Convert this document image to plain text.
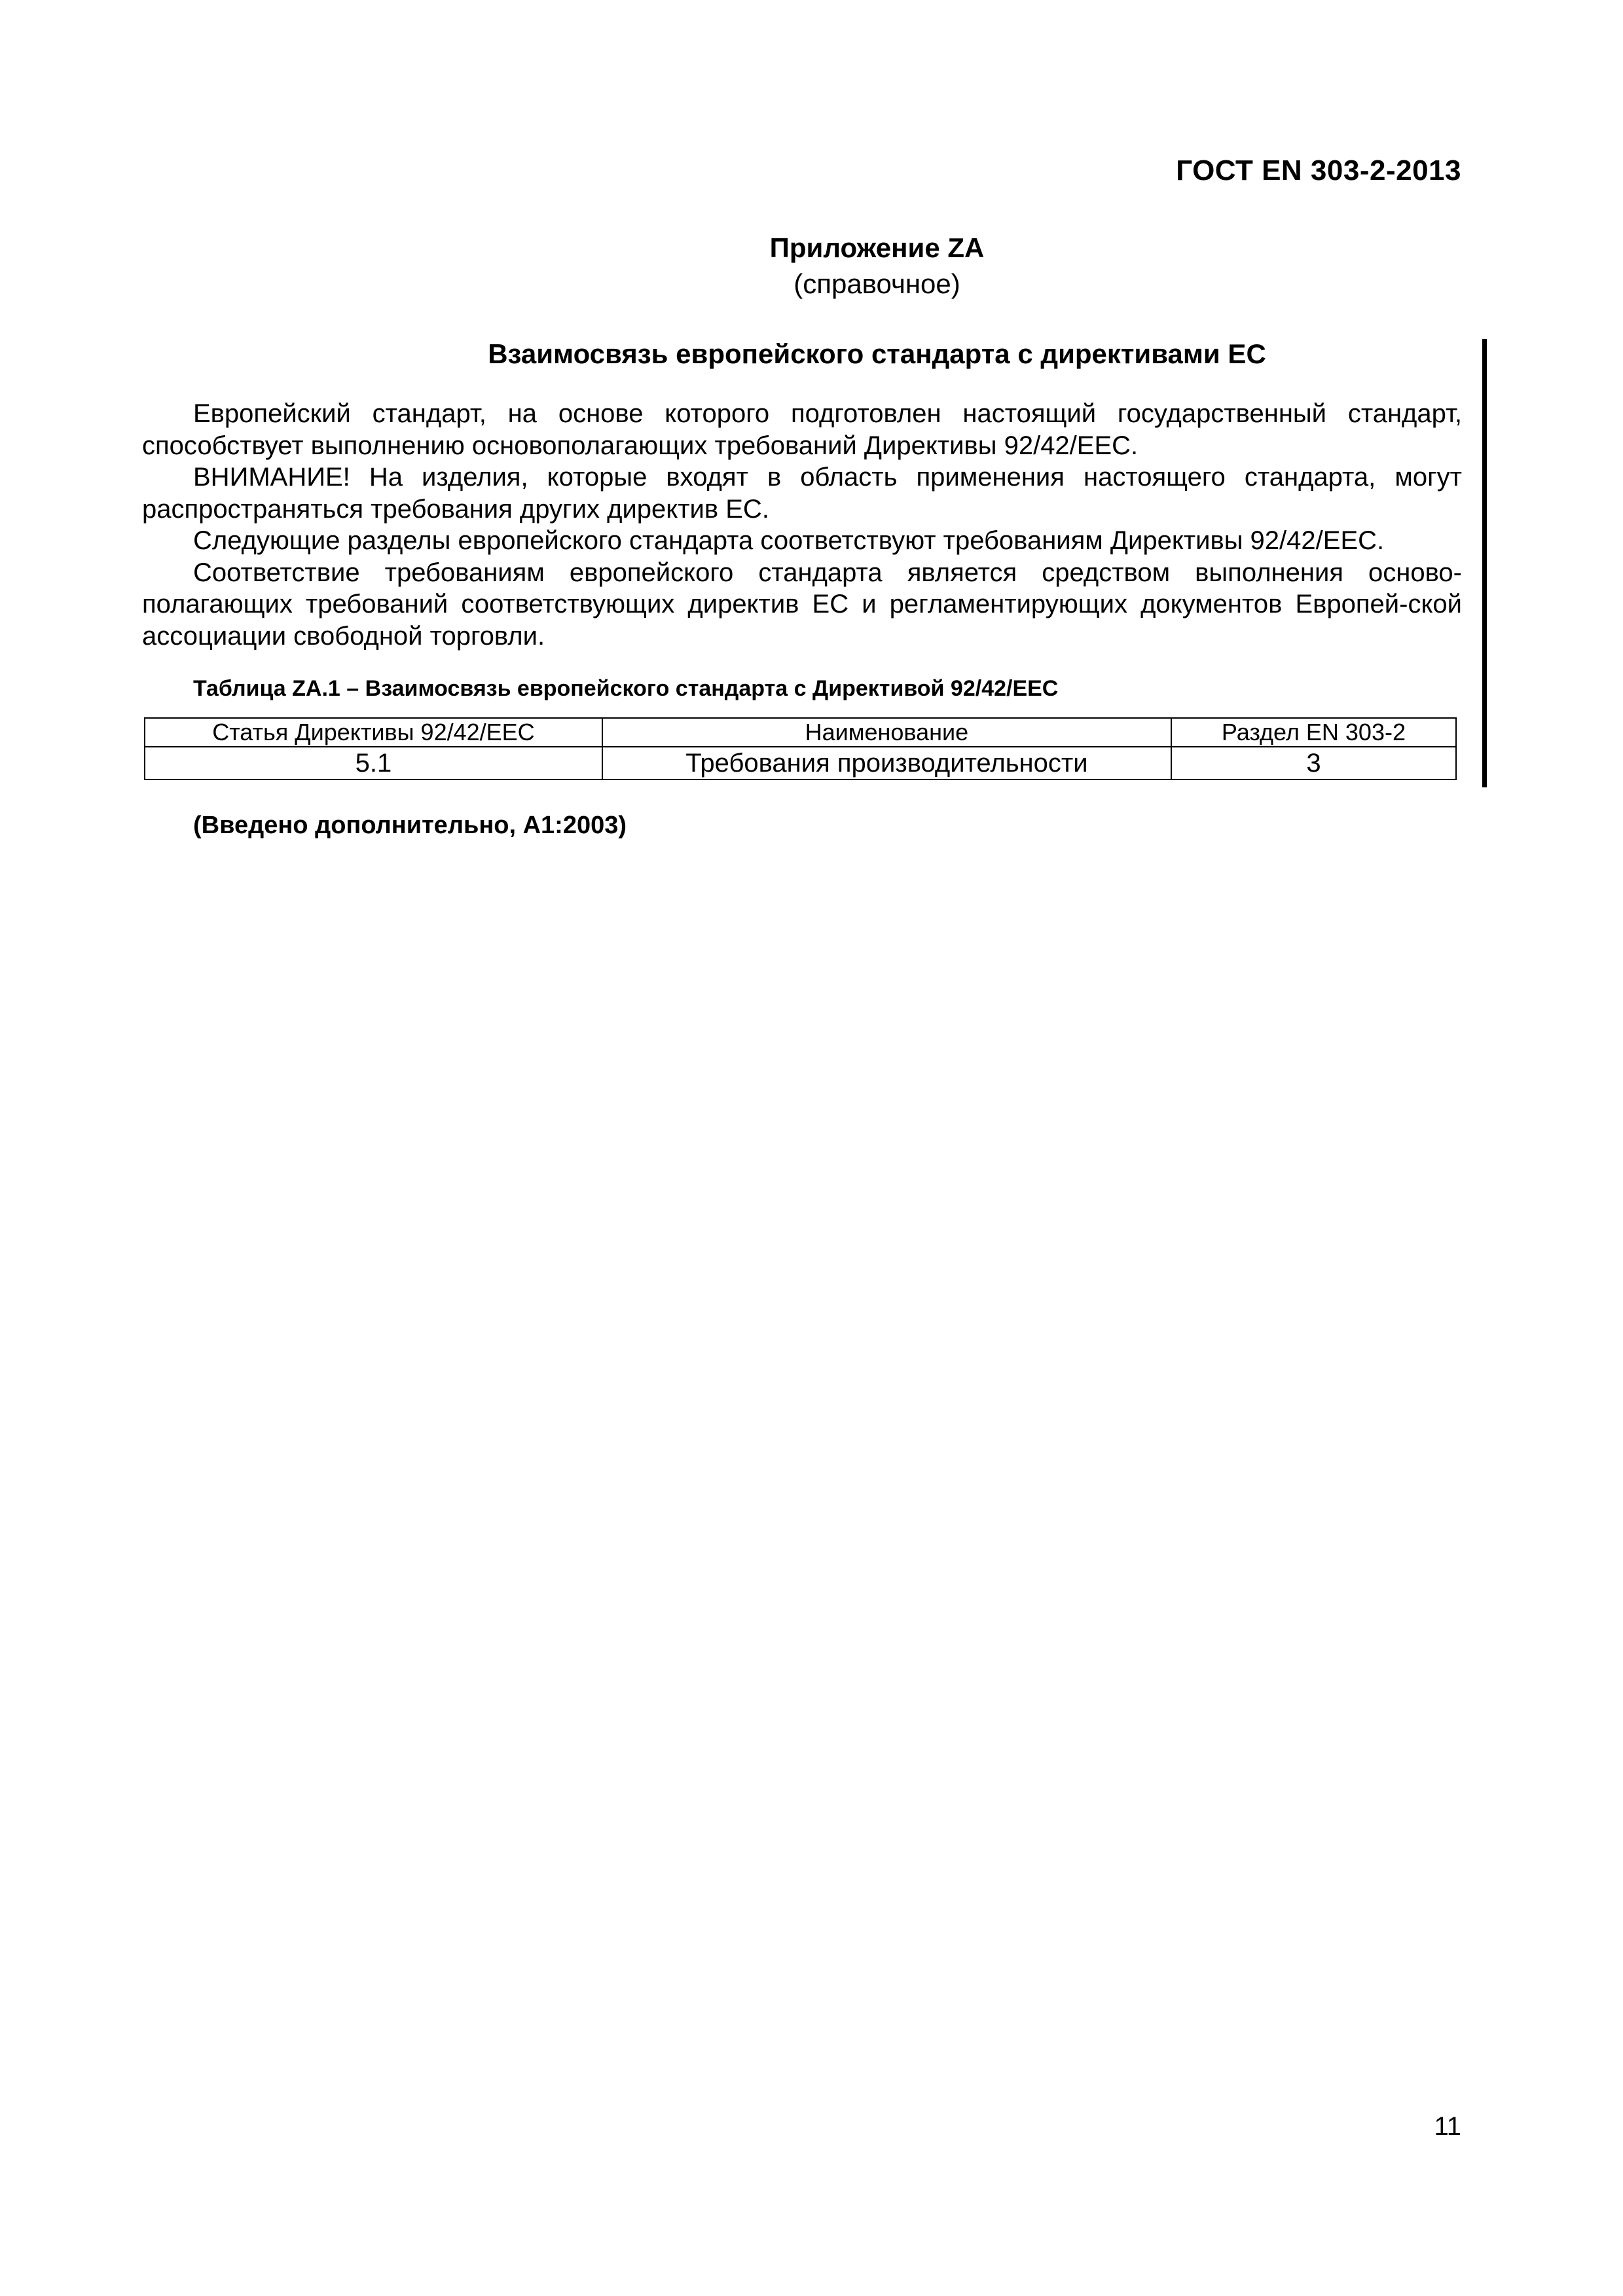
ГОСТ EN 303-2-2013
Приложение ZA
(справочное)
Взаимосвязь европейского стандарта с директивами ЕС

Европейский стандарт, на основе которого подготовлен настоящий государственный стандарт, способствует выполнению основополагающих требований Директивы 92/42/EEC.

ВНИМАНИЕ! На изделия, которые входят в область применения настоящего стандарта, могут распространяться требования других директив ЕС.

Следующие разделы европейского стандарта соответствуют требованиям Директивы 92/42/EEC.

Соответствие требованиям европейского стандарта является средством выполнения осново-полагающих требований соответствующих директив ЕС и регламентирующих документов Европей-ской ассоциации свободной торговли.

Таблица ZA.1 – Взаимосвязь европейского стандарта с Директивой 92/42/EEC
Статья Директивы 92/42/EEC	Наименование	Раздел EN 303-2
5.1	Требования производительности	3
(Введено дополнительно, А1:2003)
11
